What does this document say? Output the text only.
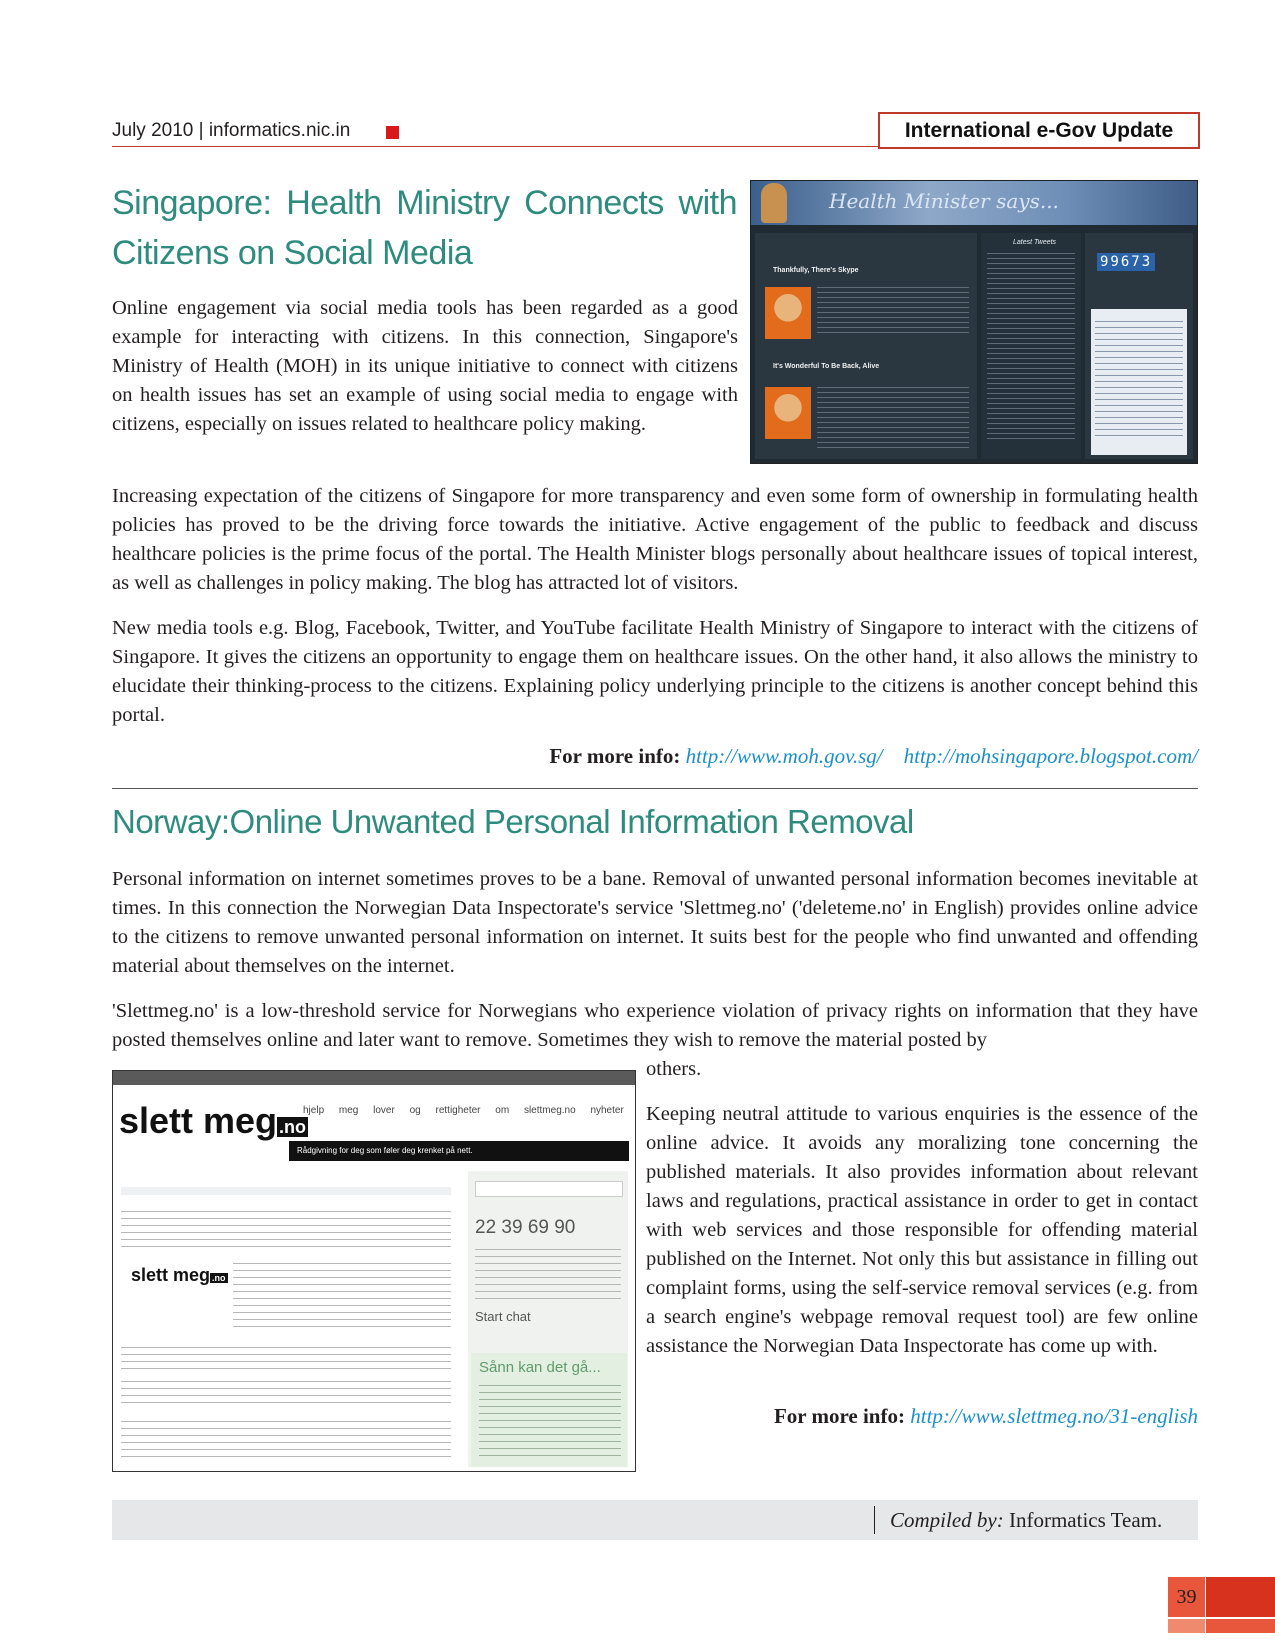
July 2010 | informatics.nic.in	International e-Gov Update
Singapore: Health Ministry Connects with Citizens on Social Media
Health Minister says...
Thankfully, There's Skype
It's Wonderful To Be Back, Alive
Latest Tweets
99673

Online engagement via social media tools has been regarded as a good example for interacting with citizens. In this connection, Singapore's Ministry of Health (MOH) in its unique initiative to connect with citizens on health issues has set an example of using social media to engage with citizens, especially on issues related to healthcare policy making.

Increasing expectation of the citizens of Singapore for more transparency and even some form of ownership in formulating health policies has proved to be the driving force towards the initiative. Active engagement of the public to feedback and discuss healthcare policies is the prime focus of the portal. The Health Minister blogs personally about healthcare issues of topical interest, as well as challenges in policy making. The blog has attracted lot of visitors.

New media tools e.g. Blog, Facebook, Twitter, and YouTube facilitate Health Ministry of Singapore to interact with the citizens of Singapore. It gives the citizens an opportunity to engage them on healthcare issues. On the other hand, it also allows the ministry to elucidate their thinking-process to the citizens. Explaining policy underlying principle to the citizens is another concept behind this portal.

For more info: http://www.moh.gov.sg/ http://mohsingapore.blogspot.com/
Norway:Online Unwanted Personal Information Removal

Personal information on internet sometimes proves to be a bane. Removal of unwanted personal information becomes inevitable at times. In this connection the Norwegian Data Inspectorate's service 'Slettmeg.no' ('deleteme.no' in English) provides online advice to the citizens to remove unwanted personal information on internet. It suits best for the people who find unwanted and offending material about themselves on the internet.

'Slettmeg.no' is a low-threshold service for Norwegians who experience violation of privacy rights on information that they have posted themselves online and later want to remove. Sometimes they wish to remove the material posted by

others.

slett meg .no
hjelp meg lover og rettigheter om slettmeg.no nyheter
Rådgivning for deg som føler deg krenket på nett.
slett meg .no
22 39 69 90
Start chat
Sånn kan det gå...

Keeping neutral attitude to various enquiries is the essence of the online advice. It avoids any moralizing tone concerning the published materials. It also provides information about relevant laws and regulations, practical assistance in order to get in contact with web services and those responsible for offending material published on the Internet. Not only this but assistance in filling out complaint forms, using the self-service removal services (e.g. from a search engine's webpage removal request tool) are few online assistance the Norwegian Data Inspectorate has come up with.

For more info: http://www.slettmeg.no/31-english
Compiled by: Informatics Team.
39
